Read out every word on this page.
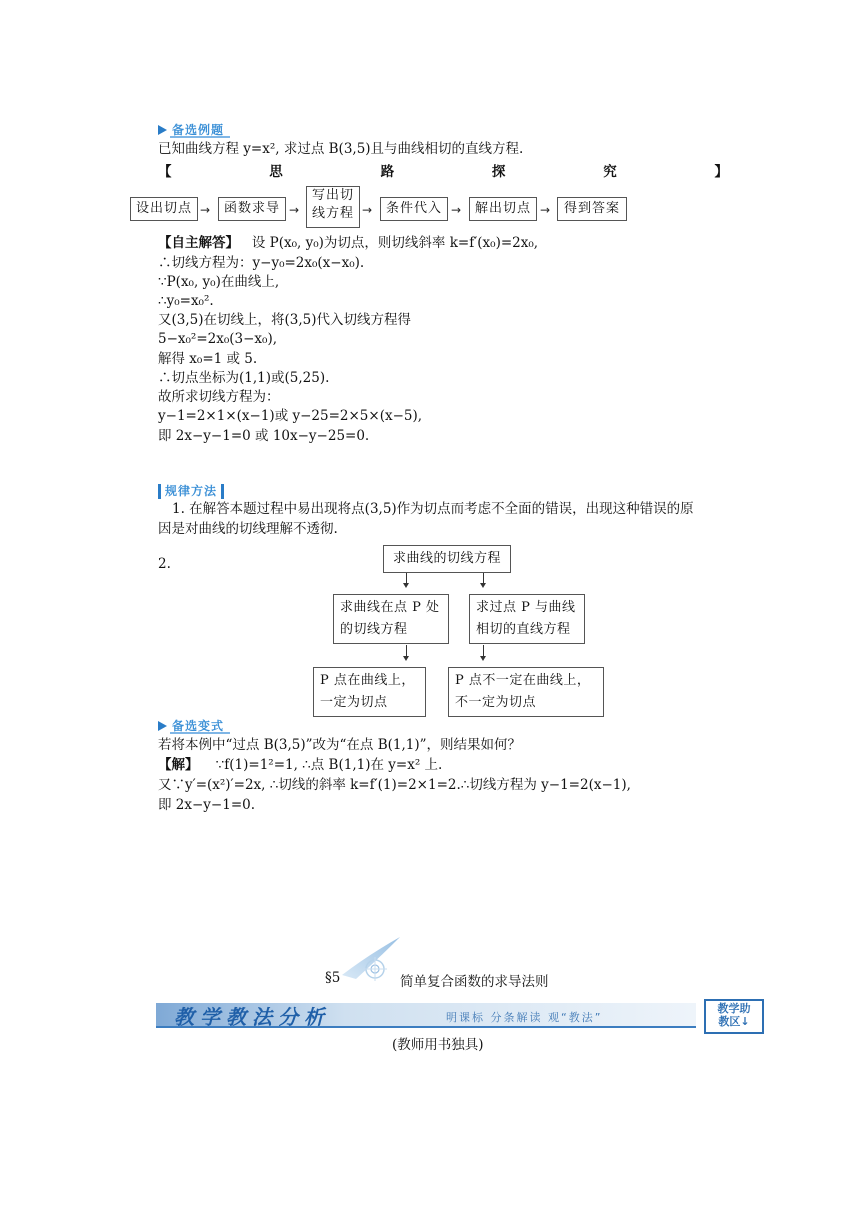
备选例题
已知曲线方程 y=x², 求过点 B(3,5)且与曲线相切的直线方程.
【	思	路	探	究	】
设出切点 →	函数求导 →
写出切
线方程 →	条件代入 →	解出切点 →	得到答案
【自主解答】 设 P(x₀, y₀)为切点，则切线斜率 k=f′(x₀)=2x₀,
∴切线方程为：y−y₀=2x₀(x−x₀).
∵P(x₀, y₀)在曲线上,
∴y₀=x₀².
又(3,5)在切线上，将(3,5)代入切线方程得
5−x₀²=2x₀(3−x₀),
解得 x₀=1 或 5.
∴切点坐标为(1,1)或(5,25).
故所求切线方程为：
y−1=2×1×(x−1)或 y−25=2×5×(x−5),
即 2x−y−1=0 或 10x−y−25=0.
规律方法
1. 在解答本题过程中易出现将点(3,5)作为切点而考虑不全面的错误，出现这种错误的原
因是对曲线的切线理解不透彻.
2.	求曲线的切线方程
求曲线在点 P 处的切线方程
求过点 P 与曲线相切的直线方程
P 点在曲线上，一定为切点
P 点不一定在曲线上，不一定为切点
备选变式
若将本例中“过点 B(3,5)”改为“在点 B(1,1)”，则结果如何？
【解】 ∵f(1)=1²=1, ∴点 B(1,1)在 y=x² 上.
又∵y′=(x²)′=2x, ∴切线的斜率 k=f′(1)=2×1=2.∴切线方程为 y−1=2(x−1),
即 2x−y−1=0.
§5	简单复合函数的求导法则
教学教法分析	明课标 分条解读 观“教法”
教学助
教区↓
(教师用书独具)
